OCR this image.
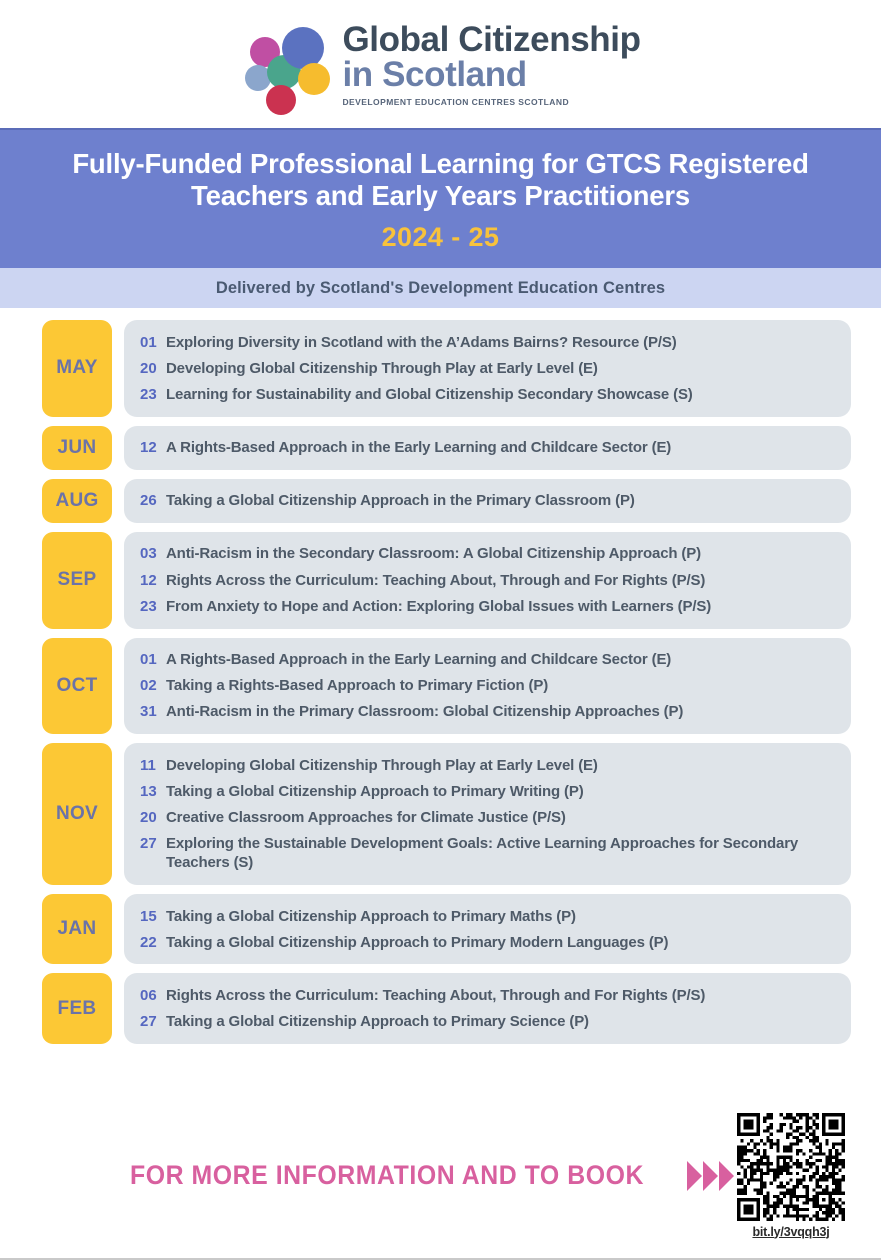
Global Citizenship
in Scotland
DEVELOPMENT EDUCATION CENTRES SCOTLAND
Fully-Funded Professional Learning for GTCS Registered
Teachers and Early Years Practitioners
2024 - 25
Delivered by Scotland's Development Education Centres
MAY
01 Exploring Diversity in Scotland with the A’Adams Bairns? Resource (P/S)
20 Developing Global Citizenship Through Play at Early Level (E)
23 Learning for Sustainability and Global Citizenship Secondary Showcase (S)
JUN	12 A Rights-Based Approach in the Early Learning and Childcare Sector (E)
AUG	26 Taking a Global Citizenship Approach in the Primary Classroom (P)
SEP
03 Anti-Racism in the Secondary Classroom: A Global Citizenship Approach (P)
12 Rights Across the Curriculum: Teaching About, Through and For Rights (P/S)
23 From Anxiety to Hope and Action: Exploring Global Issues with Learners (P/S)
OCT
01 A Rights-Based Approach in the Early Learning and Childcare Sector (E)
02 Taking a Rights-Based Approach to Primary Fiction (P)
31 Anti-Racism in the Primary Classroom: Global Citizenship Approaches (P)
NOV
11 Developing Global Citizenship Through Play at Early Level (E)
13 Taking a Global Citizenship Approach to Primary Writing (P)
20 Creative Classroom Approaches for Climate Justice (P/S)
27 Exploring the Sustainable Development Goals: Active Learning Approaches for Secondary Teachers (S)
JAN
15 Taking a Global Citizenship Approach to Primary Maths (P)
22 Taking a Global Citizenship Approach to Primary Modern Languages (P)
FEB
06 Rights Across the Curriculum: Teaching About, Through and For Rights (P/S)
27 Taking a Global Citizenship Approach to Primary Science (P)
FOR MORE INFORMATION AND TO BOOK
bit.ly/3vqqh3j
